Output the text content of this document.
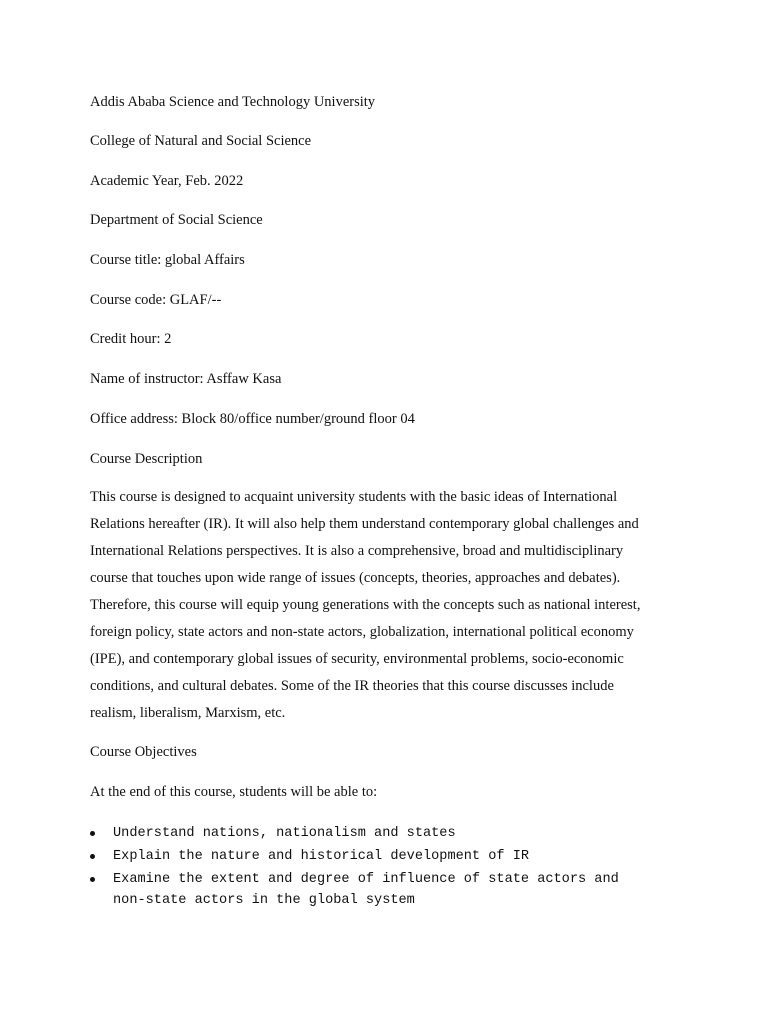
Addis Ababa Science and Technology University
College of Natural and Social Science
Academic Year, Feb. 2022
Department of Social Science
Course title: global Affairs
Course code: GLAF/--
Credit hour: 2
Name of instructor: Asffaw Kasa
Office address: Block 80/office number/ground floor 04
Course Description
This course is designed to acquaint university students with the basic ideas of International
Relations hereafter (IR). It will also help them understand contemporary global challenges and
International Relations perspectives. It is also a comprehensive, broad and multidisciplinary
course that touches upon wide range of issues (concepts, theories, approaches and debates).
Therefore, this course will equip young generations with the concepts such as national interest,
foreign policy, state actors and non-state actors, globalization, international political economy
(IPE), and contemporary global issues of security, environmental problems, socio-economic
conditions, and cultural debates. Some of the IR theories that this course discusses include
realism, liberalism, Marxism, etc.
Course Objectives
At the end of this course, students will be able to:
Understand nations, nationalism and states
Explain the nature and historical development of IR
Examine the extent and degree of influence of state actors and
non-state actors in the global system
